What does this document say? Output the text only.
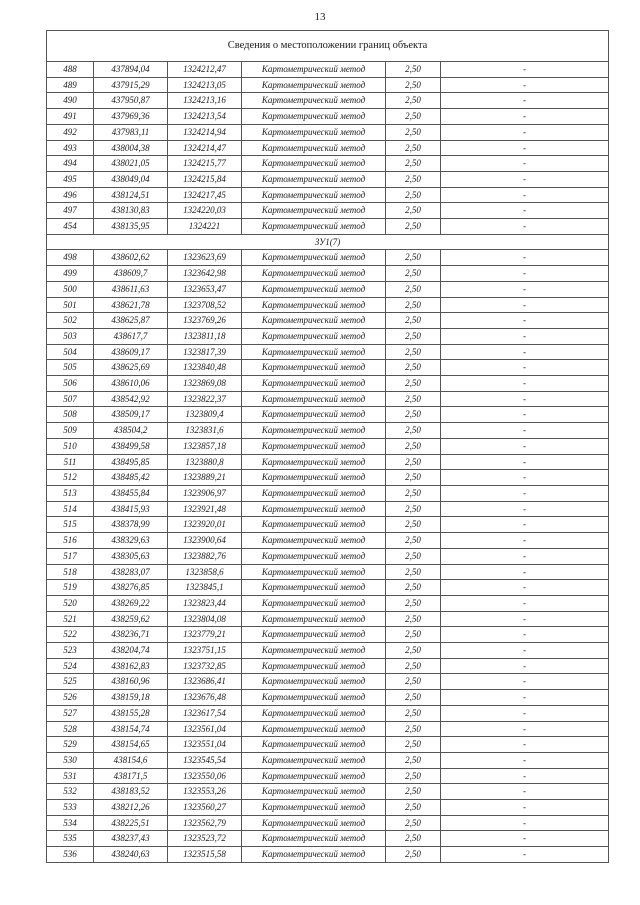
13
Сведения о местоположении границ объекта					
488	437894,04	1324212,47	Картометрический метод	2,50	-
489	437915,29	1324213,05	Картометрический метод	2,50	-
490	437950,87	1324213,16	Картометрический метод	2,50	-
491	437969,36	1324213,54	Картометрический метод	2,50	-
492	437983,11	1324214,94	Картометрический метод	2,50	-
493	438004,38	1324214,47	Картометрический метод	2,50	-
494	438021,05	1324215,77	Картометрический метод	2,50	-
495	438049,04	1324215,84	Картометрический метод	2,50	-
496	438124,51	1324217,45	Картометрический метод	2,50	-
497	438130,83	1324220,03	Картометрический метод	2,50	-
454	438135,95	1324221	Картометрический метод	2,50	-
ЗУ1(7)					
498	438602,62	1323623,69	Картометрический метод	2,50	-
499	438609,7	1323642,98	Картометрический метод	2,50	-
500	438611,63	1323653,47	Картометрический метод	2,50	-
501	438621,78	1323708,52	Картометрический метод	2,50	-
502	438625,87	1323769,26	Картометрический метод	2,50	-
503	438617,7	1323811,18	Картометрический метод	2,50	-
504	438609,17	1323817,39	Картометрический метод	2,50	-
505	438625,69	1323840,48	Картометрический метод	2,50	-
506	438610,06	1323869,08	Картометрический метод	2,50	-
507	438542,92	1323822,37	Картометрический метод	2,50	-
508	438509,17	1323809,4	Картометрический метод	2,50	-
509	438504,2	1323831,6	Картометрический метод	2,50	-
510	438499,58	1323857,18	Картометрический метод	2,50	-
511	438495,85	1323880,8	Картометрический метод	2,50	-
512	438485,42	1323889,21	Картометрический метод	2,50	-
513	438455,84	1323906,97	Картометрический метод	2,50	-
514	438415,93	1323921,48	Картометрический метод	2,50	-
515	438378,99	1323920,01	Картометрический метод	2,50	-
516	438329,63	1323900,64	Картометрический метод	2,50	-
517	438305,63	1323882,76	Картометрический метод	2,50	-
518	438283,07	1323858,6	Картометрический метод	2,50	-
519	438276,85	1323845,1	Картометрический метод	2,50	-
520	438269,22	1323823,44	Картометрический метод	2,50	-
521	438259,62	1323804,08	Картометрический метод	2,50	-
522	438236,71	1323779,21	Картометрический метод	2,50	-
523	438204,74	1323751,15	Картометрический метод	2,50	-
524	438162,83	1323732,85	Картометрический метод	2,50	-
525	438160,96	1323686,41	Картометрический метод	2,50	-
526	438159,18	1323676,48	Картометрический метод	2,50	-
527	438155,28	1323617,54	Картометрический метод	2,50	-
528	438154,74	1323561,04	Картометрический метод	2,50	-
529	438154,65	1323551,04	Картометрический метод	2,50	-
530	438154,6	1323545,54	Картометрический метод	2,50	-
531	438171,5	1323550,06	Картометрический метод	2,50	-
532	438183,52	1323553,26	Картометрический метод	2,50	-
533	438212,26	1323560,27	Картометрический метод	2,50	-
534	438225,51	1323562,79	Картометрический метод	2,50	-
535	438237,43	1323523,72	Картометрический метод	2,50	-
536	438240,63	1323515,58	Картометрический метод	2,50	-
